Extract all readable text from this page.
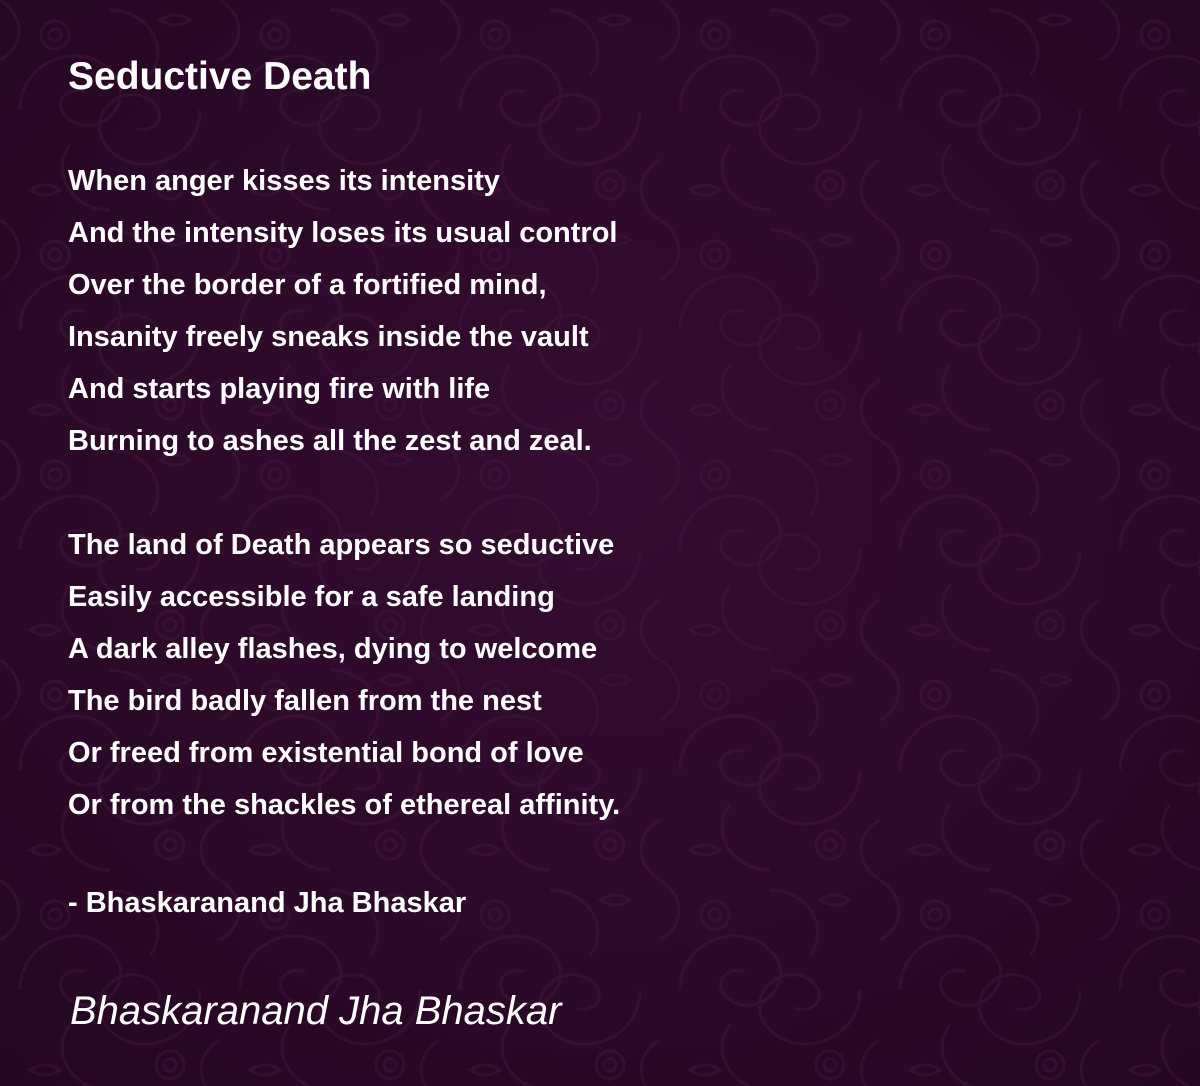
Seductive Death
When anger kisses its intensity
And the intensity loses its usual control
Over the border of a fortified mind,
Insanity freely sneaks inside the vault
And starts playing fire with life
Burning to ashes all the zest and zeal.
The land of Death appears so seductive
Easily accessible for a safe landing
A dark alley flashes, dying to welcome
The bird badly fallen from the nest
Or freed from existential bond of love
Or from the shackles of ethereal affinity.

- Bhaskaranand Jha Bhaskar

Bhaskaranand Jha Bhaskar
